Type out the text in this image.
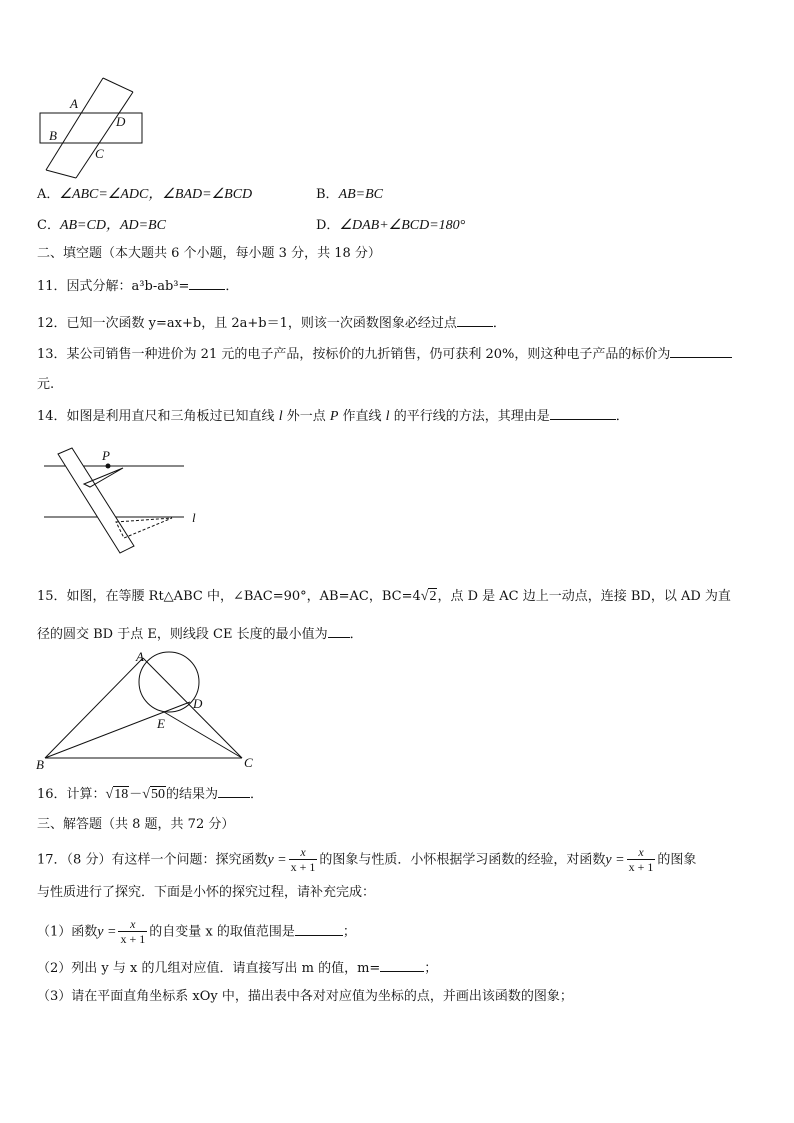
A
B
C
D
A．∠ABC=∠ADC，∠BAD=∠BCD	B．AB=BC
C．AB=CD，AD=BC	D．∠DAB+∠BCD=180°
二、填空题（本大题共 6 个小题，每小题 3 分，共 18 分）
11．因式分解：a³b-ab³=	．
12．已知一次函数 y=ax+b，且 2a+b＝1，则该一次函数图象必经过点	．
13．某公司销售一种进价为 21 元的电子产品，按标价的九折销售，仍可获利 20%，则这种电子产品的标价为
元.
14．如图是利用直尺和三角板过已知直线 l 外一点 P 作直线 l 的平行线的方法，其理由是	．
P
l
15．如图，在等腰 Rt△ABC 中，∠BAC=90°，AB=AC，BC=4√2，点 D 是 AC 边上一动点，连接 BD，以 AD 为直
径的圆交 BD 于点 E，则线段 CE 长度的最小值为 ．
A
B	C
D
E
16．计算：√18－√50的结果为 ．
三、解答题（共 8 题，共 72 分）
17．（8 分）有这样一个问题：探究函数$y = \frac{x}{x + 1}$ 的图象与性质．小怀根据学习函数的经验，对函数$y = \frac{x}{x + 1}$ 的图象
与性质进行了探究．下面是小怀的探究过程，请补充完成：
（1）函数$y = \frac{x}{x + 1}$ 的自变量 x 的取值范围是	；
（2）列出 y 与 x 的几组对应值．请直接写出 m 的值，m=	；
（3）请在平面直角坐标系 xOy 中，描出表中各对对应值为坐标的点，并画出该函数的图象；
